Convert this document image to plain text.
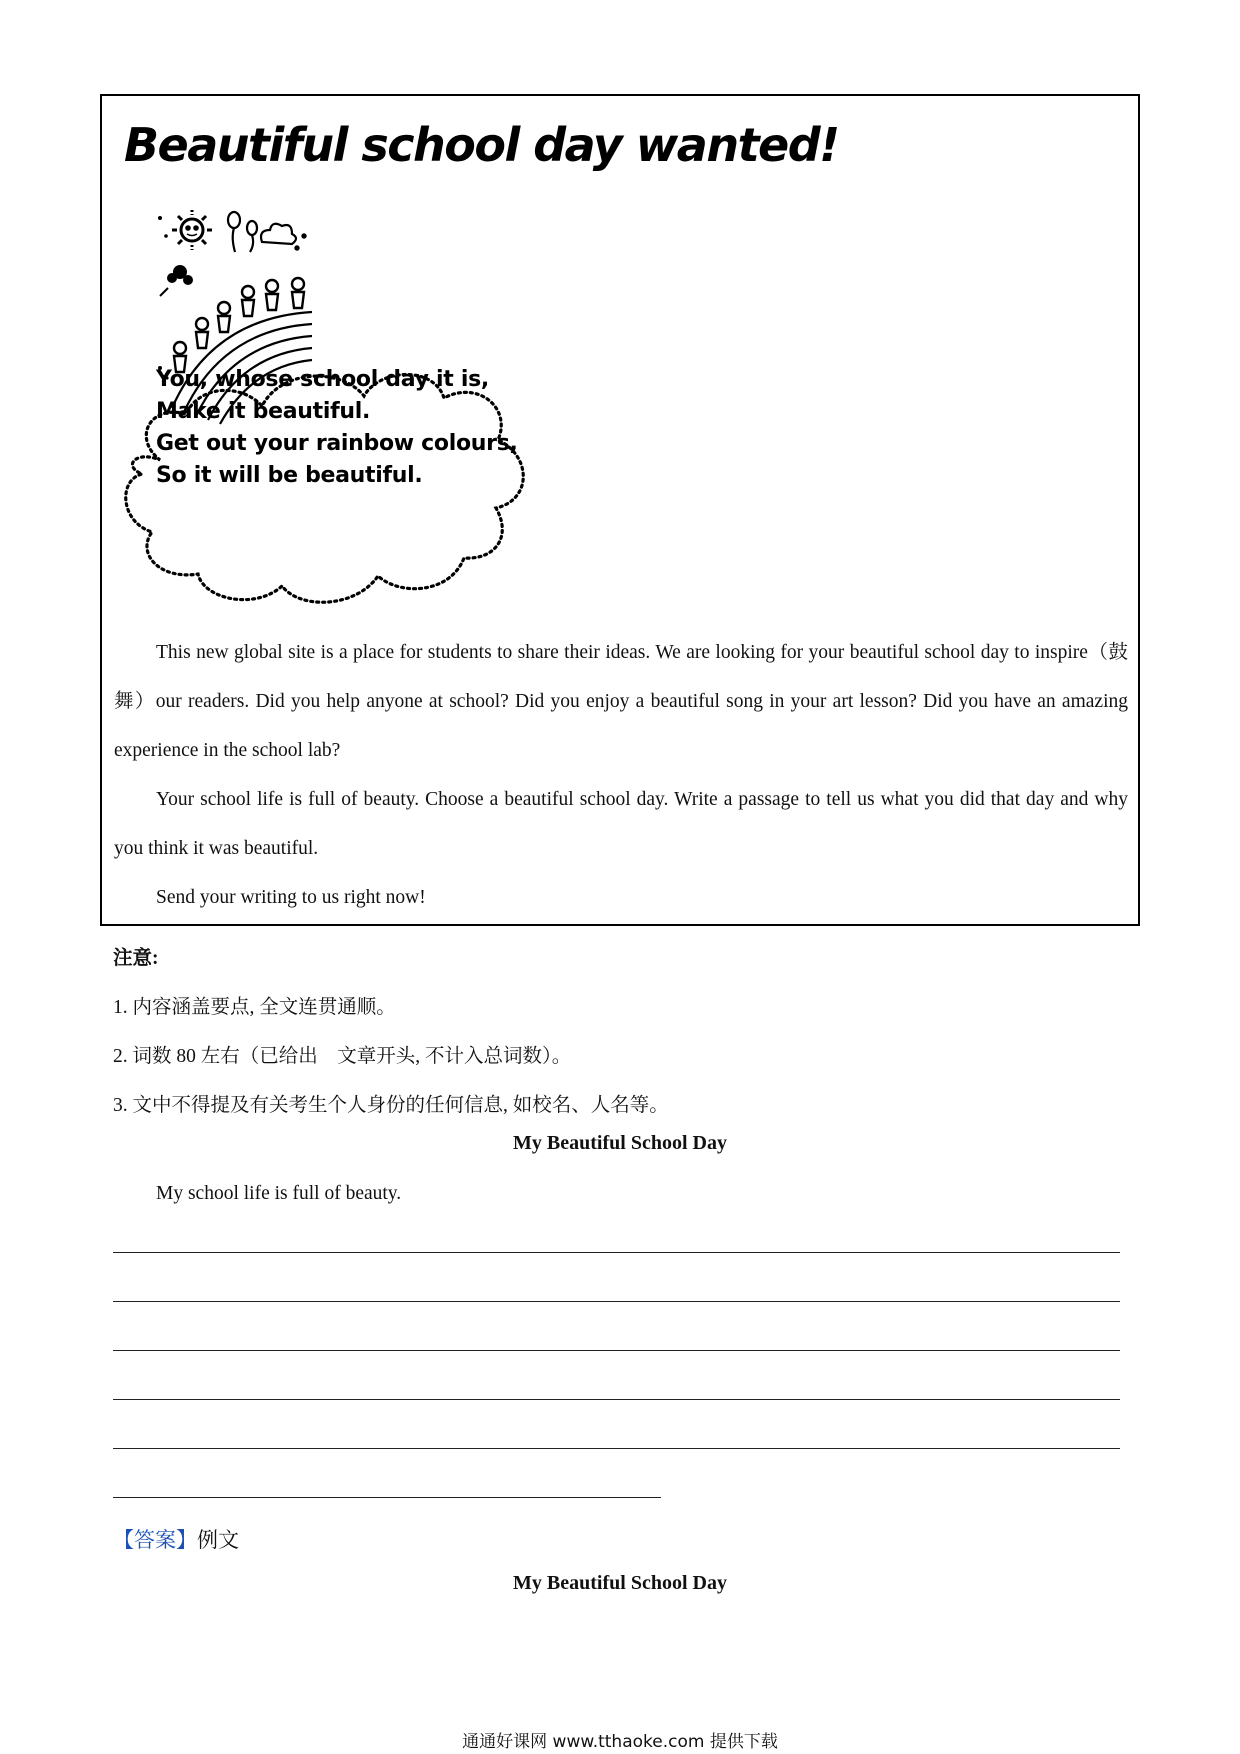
Beautiful school day wanted!
You, whose school day it is,
Make it beautiful.
Get out your rainbow colours,
So it will be beautiful.

This new global site is a place for students to share their ideas. We are looking for your beautiful school day to inspire（鼓舞）our readers. Did you help anyone at school? Did you enjoy a beautiful song in your art lesson? Did you have an amazing experience in the school lab?

Your school life is full of beauty. Choose a beautiful school day. Write a passage to tell us what you did that day and why you think it was beautiful.

Send your writing to us right now!

注意:

1. 内容涵盖要点, 全文连贯通顺。

2. 词数 80 左右（已给出　文章开头, 不计入总词数）。

3. 文中不得提及有关考生个人身份的任何信息, 如校名、人名等。

My Beautiful School Day

My school life is full of beauty.

【答案】例文

My Beautiful School Day

通通好课网 www.tthaoke.com 提供下载
